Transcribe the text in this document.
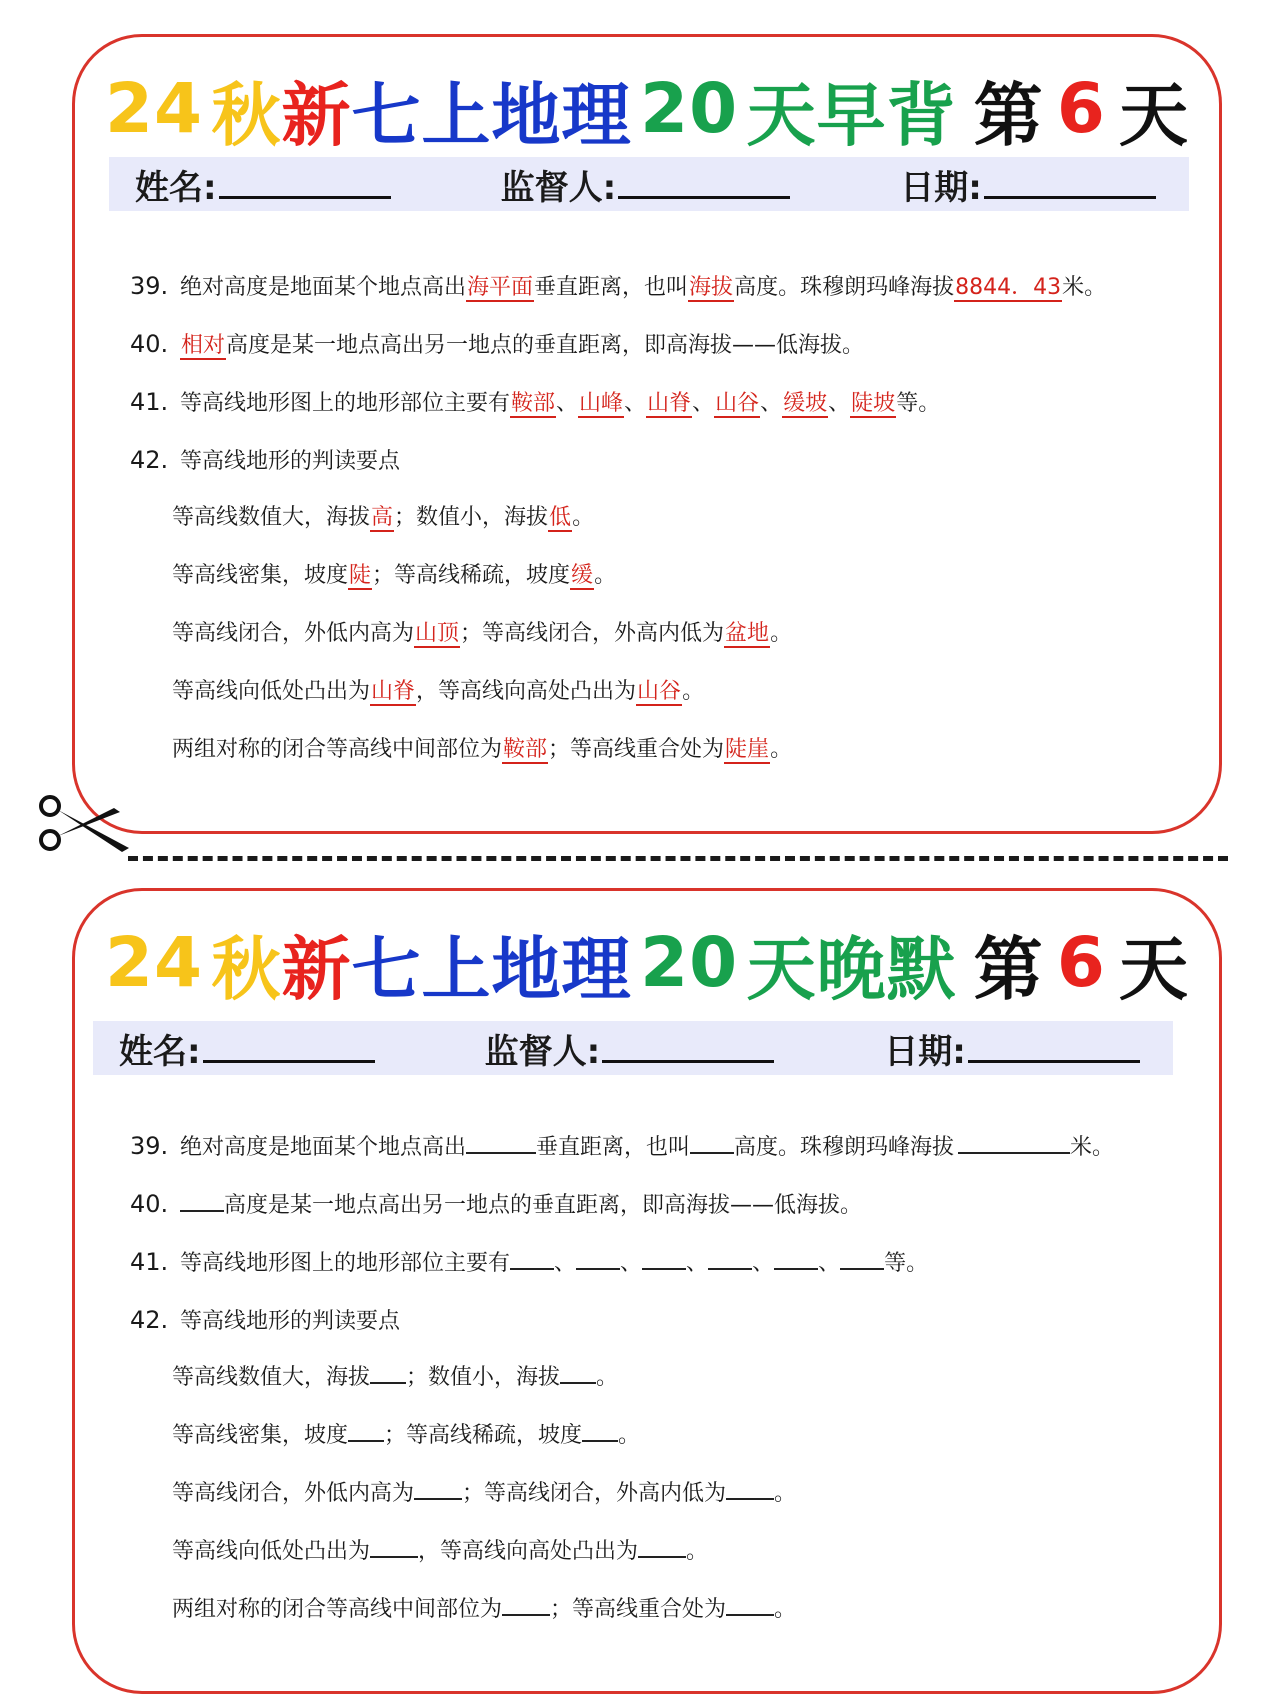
24 秋 新 七上 地理 20 天早背 第 6 天
姓名:	监督人:	日期:
39. 绝对高度是地面某个地点高出海平面垂直距离，也叫海拔高度。珠穆朗玛峰海拔8844．43米。
40. 相对高度是某一地点高出另一地点的垂直距离，即高海拔——低海拔。
41. 等高线地形图上的地形部位主要有鞍部、山峰、山脊、山谷、缓坡、陡坡等。
42. 等高线地形的判读要点
等高线数值大，海拔高；数值小，海拔低。
等高线密集，坡度陡；等高线稀疏，坡度缓。
等高线闭合，外低内高为山顶；等高线闭合，外高内低为盆地。
等高线向低处凸出为山脊，等高线向高处凸出为山谷。
两组对称的闭合等高线中间部位为鞍部；等高线重合处为陡崖。
24 秋 新 七上 地理 20 天晚默 第 6 天
姓名:	监督人:	日期:
39. 绝对高度是地面某个地点高出	垂直距离，也叫 高度。珠穆朗玛峰海拔	米。
40.	高度是某一地点高出另一地点的垂直距离，即高海拔——低海拔。
41. 等高线地形图上的地形部位主要有 、 、 、 、 、 等。
42. 等高线地形的判读要点
等高线数值大，海拔 ；数值小，海拔 。
等高线密集，坡度 ；等高线稀疏，坡度 。
等高线闭合，外低内高为 ；等高线闭合，外高内低为 。
等高线向低处凸出为 ，等高线向高处凸出为 。
两组对称的闭合等高线中间部位为 ；等高线重合处为 。
